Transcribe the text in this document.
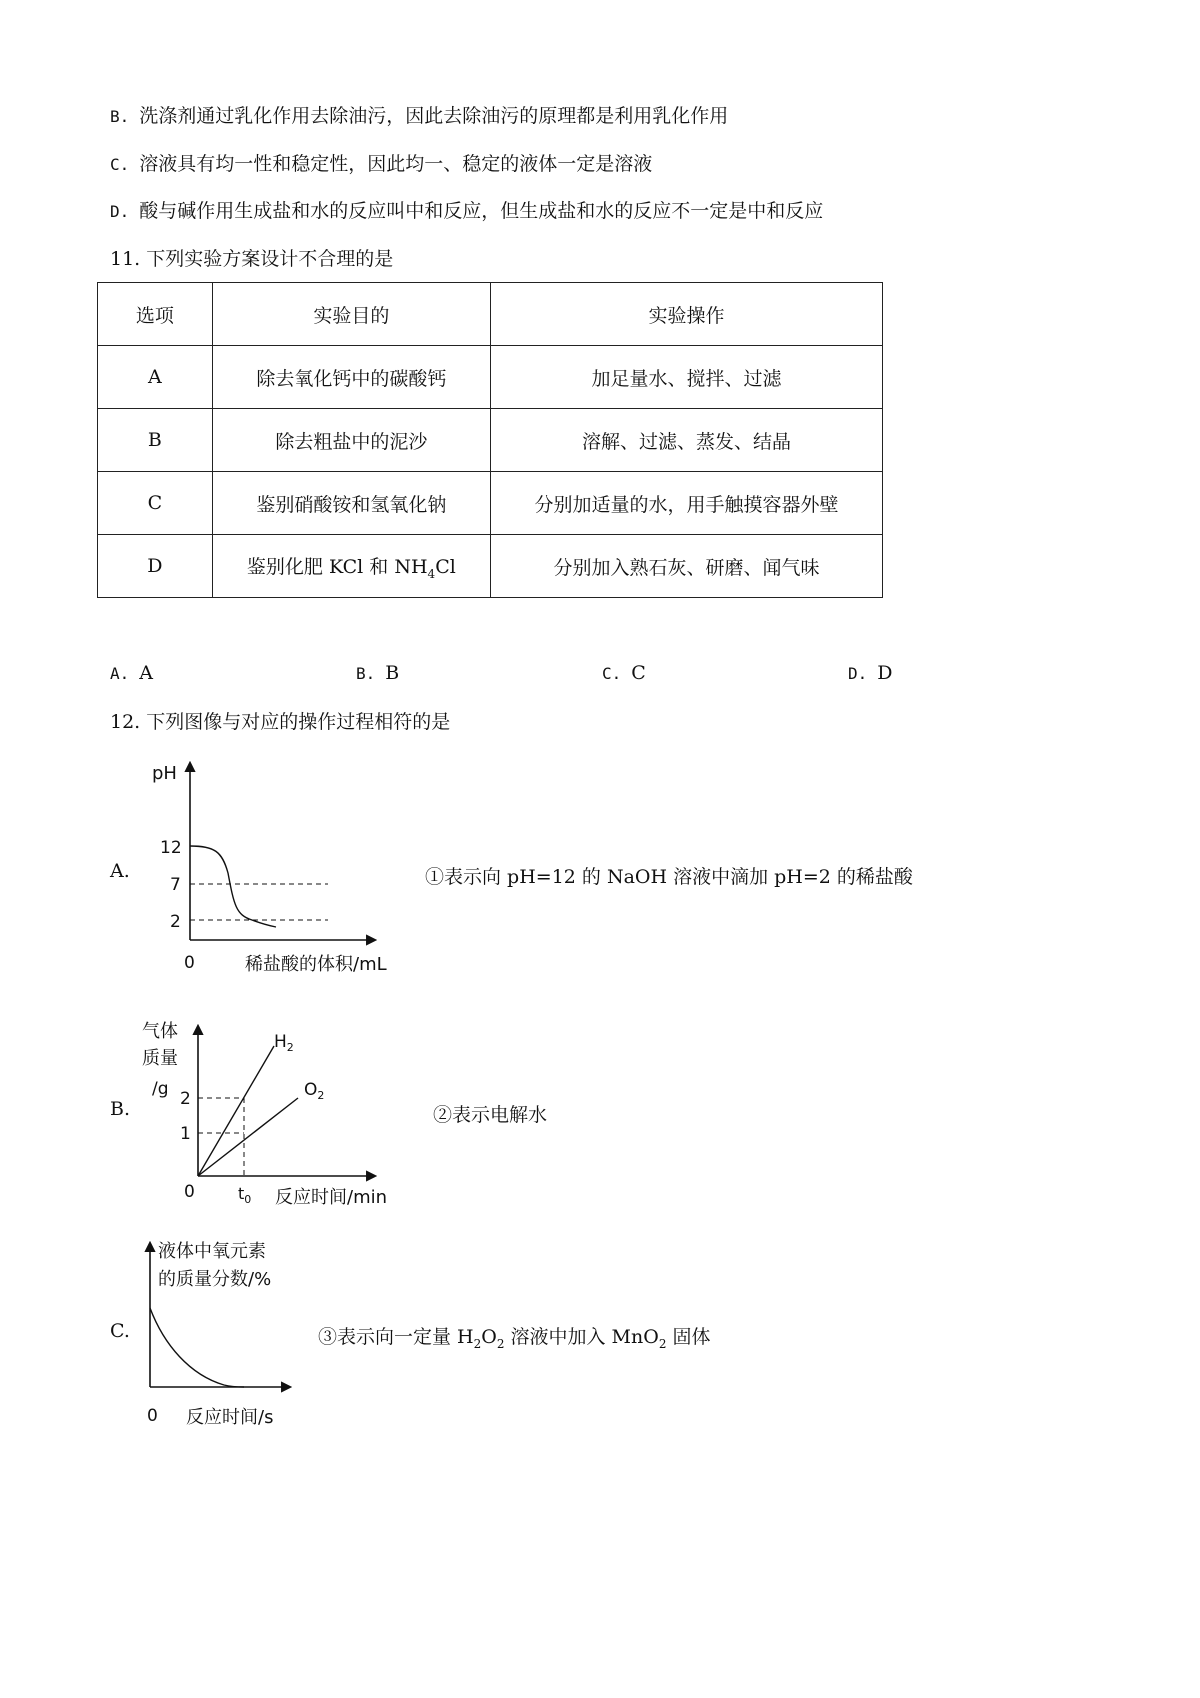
B. 洗涤剂通过乳化作用去除油污，因此去除油污的原理都是利用乳化作用
C. 溶液具有均一性和稳定性，因此均一、稳定的液体一定是溶液
D. 酸与碱作用生成盐和水的反应叫中和反应，但生成盐和水的反应不一定是中和反应
11. 下列实验方案设计不合理的是
选项	实验目的	实验操作
A	除去氧化钙中的碳酸钙	加足量水、搅拌、过滤
B	除去粗盐中的泥沙	溶解、过滤、蒸发、结晶
C	鉴别硝酸铵和氢氧化钠	分别加适量的水，用手触摸容器外壁
D	鉴别化肥 KCl 和 $NH_4Cl$	分别加入熟石灰、研磨、闻气味
A. A	B. B	C. C	D. D
12. 下列图像与对应的操作过程相符的是
A.
pH
12
7
2
0	稀盐酸的体积/mL
①表示向 pH=12 的 NaOH 溶液中滴加 pH=2 的稀盐酸
B.
气体
质量
/g 2
1
$H_2$
$O_2$
0	$t_0$ 反应时间/min
②表示电解水
C.
液体中氧元素
的质量分数/%
0 反应时间/s
③表示向一定量 $H_2O_2$ 溶液中加入 MnO$_2$ 固体
